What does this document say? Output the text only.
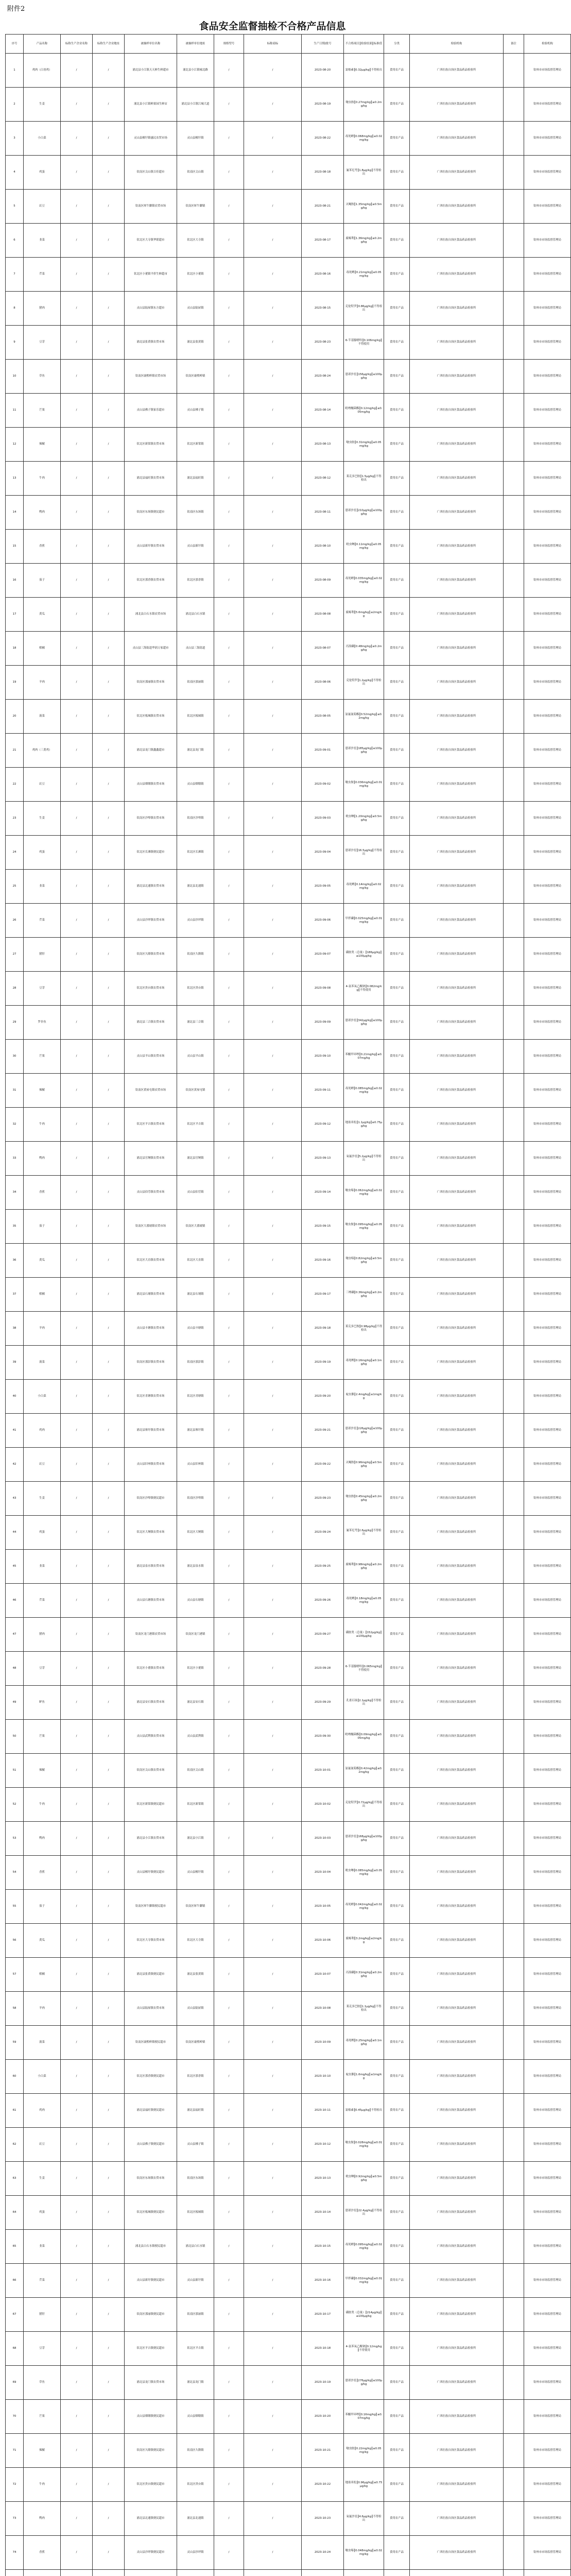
附件2
食品安全监督抽检不合格产品信息
序号	产品名称	标称生产企业名称	标称生产企业地址	被抽样单位名称	被抽样单位地址	规格型号	标称商标	生产日期/批号	不合格项目║检验结果║标准值	分类	检验机构	备注	检验机构
1	鸡肉（白羽鸡）	/	/	浦北县小江镇天天鲜生鲜超市	浦北县小江镇城北路	/	/	2023-08-20	氯霉素║0.32μg/kg║不得检出	食用农产品	广西壮族自治区食品药品检验所		钦州市市场监督管理局
2	生姜	/	/	浦北县小江镇鲜果园生鲜店	浦北县小江镇江城大道	/	/	2023-08-19	噻虫胺║0.27mg/kg║≤0.2mg/kg	食用农产品	广西壮族自治区食品药品检验所		钦州市市场监督管理局
3	小白菜	/	/	灵山县檀圩镇惠民农贸市场	灵山县檀圩镇	/	/	2023-08-22	毒死蜱║0.068mg/kg║≤0.02mg/kg	食用农产品	广西壮族自治区食品药品检验所		钦州市市场监督管理局
4	鸡蛋	/	/	钦南区尖山镇百佳超市	钦南区尖山镇	/	/	2023-08-18	氟苯尼考║1.8μg/kg║不得检出	食用农产品	广西壮族自治区食品药品检验所		钦州市市场监督管理局
5	豇豆	/	/	钦南区犀牛脚镇农贸市场	钦南区犀牛脚镇	/	/	2023-08-21	灭蝇胺║1.35mg/kg║≤0.5mg/kg	食用农产品	广西壮族自治区食品药品检验所		钦州市市场监督管理局
6	韭菜	/	/	钦北区大寺镇华联超市	钦北区大寺镇	/	/	2023-08-17	腐霉利║1.36mg/kg║≤0.2mg/kg	食用农产品	广西壮族自治区食品药品检验所		钦州市市场监督管理局
7	芹菜	/	/	钦北区小董镇平价生鲜超市	钦北区小董镇	/	/	2023-08-16	毒死蜱║0.21mg/kg║≤0.05mg/kg	食用农产品	广西壮族自治区食品药品检验所		钦州市市场监督管理局
8	猪肉	/	/	灵山县陆屋镇东方超市	灵山县陆屋镇	/	/	2023-08-15	克伦特罗║0.86μg/kg║不得检出	食用农产品	广西壮族自治区食品药品检验所		钦州市市场监督管理局
9	豆芽	/	/	浦北县张黄镇农贸市场	浦北县张黄镇	/	/	2023-08-23	6-苄基腺嘌呤║0.106mg/kg║不得使用	食用农产品	广西壮族自治区食品药品检验所		钦州市市场监督管理局
10	草鱼	/	/	钦南区康熙岭镇农贸市场	钦南区康熙岭镇	/	/	2023-08-24	恩诺沙星║156μg/kg║≤100μg/kg	食用农产品	广西壮族自治区食品药品检验所		钦州市市场监督管理局
11	芒果	/	/	灵山县佛子镇家乐超市	灵山县佛子镇	/	/	2023-08-14	吡唑醚菌酯║0.12mg/kg║≤0.05mg/kg	食用农产品	广西壮族自治区食品药品检验所		钦州市市场监督管理局
12	辣椒	/	/	钦北区新棠镇农贸市场	钦北区新棠镇	/	/	2023-08-13	噻虫胺║0.31mg/kg║≤0.05mg/kg	食用农产品	广西壮族自治区食品药品检验所		钦州市市场监督管理局
13	牛肉	/	/	浦北县福旺镇农贸市场	浦北县福旺镇	/	/	2023-08-12	莱克多巴胺║1.5μg/kg║不得检出	食用农产品	广西壮族自治区食品药品检验所		钦州市市场监督管理局
14	鸭肉	/	/	钦南区东场镇便民超市	钦南区东场镇	/	/	2023-08-11	恩诺沙星║210μg/kg║≤100μg/kg	食用农产品	广西壮族自治区食品药品检验所		钦州市市场监督管理局
15	香蕉	/	/	灵山县新圩镇农贸市场	灵山县新圩镇	/	/	2023-08-10	吡虫啉║0.11mg/kg║≤0.05mg/kg	食用农产品	广西壮族自治区食品药品检验所		钦州市市场监督管理局
16	茄子	/	/	钦北区那香镇农贸市场	钦北区那香镇	/	/	2023-08-09	毒死蜱║0.035mg/kg║≤0.02mg/kg	食用农产品	广西壮族自治区食品药品检验所		钦州市市场监督管理局
17	黄瓜	/	/	浦北县白石水镇农贸市场	浦北县白石水镇	/	/	2023-08-08	腐霉利║5.6mg/kg║≤2mg/kg	食用农产品	广西壮族自治区食品药品检验所		钦州市市场监督管理局
18	柑橘	/	/	灵山县三海街道华润万家超市	灵山县三海街道	/	/	2023-08-07	丙溴磷║0.48mg/kg║≤0.2mg/kg	食用农产品	广西壮族自治区食品药品检验所		钦州市市场监督管理局
19	羊肉	/	/	钦南区那丽镇农贸市场	钦南区那丽镇	/	/	2023-08-06	克伦特罗║1.2μg/kg║不得检出	食用农产品	广西壮族自治区食品药品检验所		钦州市市场监督管理局
20	菠菜	/	/	钦北区板城镇农贸市场	钦北区板城镇	/	/	2023-08-05	氯氟氰菊酯║0.52mg/kg║≤0.2mg/kg	食用农产品	广西壮族自治区食品药品检验所		钦州市市场监督管理局
21	鸡肉（三黄鸡）	/	/	浦北县龙门镇鑫鑫超市	浦北县龙门镇	/	/	2023-09-01	恩诺沙星║185μg/kg║≤100μg/kg	食用农产品	广西壮族自治区食品药品检验所		钦州市市场监督管理局
22	豇豆	/	/	灵山县烟墩镇农贸市场	灵山县烟墩镇	/	/	2023-09-02	噻虫胺║0.036mg/kg║≤0.01mg/kg	食用农产品	广西壮族自治区食品药品检验所		钦州市市场监督管理局
23	生姜	/	/	钦南区沙埠镇农贸市场	钦南区沙埠镇	/	/	2023-09-03	吡虫啉║1.20mg/kg║≤0.5mg/kg	食用农产品	广西壮族自治区食品药品检验所		钦州市市场监督管理局
24	鸡蛋	/	/	钦北区长滩镇便民超市	钦北区长滩镇	/	/	2023-09-04	恩诺沙星║16.5μg/kg║不得检出	食用农产品	广西壮族自治区食品药品检验所		钦州市市场监督管理局
25	韭菜	/	/	浦北县北通镇农贸市场	浦北县北通镇	/	/	2023-09-05	毒死蜱║0.14mg/kg║≤0.02mg/kg	食用农产品	广西壮族自治区食品药品检验所		钦州市市场监督管理局
26	芹菜	/	/	灵山县沙坪镇农贸市场	灵山县沙坪镇	/	/	2023-09-06	甲拌磷║0.025mg/kg║≤0.01mg/kg	食用农产品	广西壮族自治区食品药品检验所		钦州市市场监督管理局
27	猪肝	/	/	钦南区久隆镇农贸市场	钦南区久隆镇	/	/	2023-09-07	磺胺类（总量）║186μg/kg║≤100μg/kg	食用农产品	广西壮族自治区食品药品检验所		钦州市市场监督管理局
28	豆芽	/	/	钦北区贵台镇农贸市场	钦北区贵台镇	/	/	2023-09-08	4-氯苯氧乙酸钠║0.082mg/kg║不得使用	食用农产品	广西壮族自治区食品药品检验所		钦州市市场监督管理局
29	罗非鱼	/	/	浦北县三合镇农贸市场	浦北县三合镇	/	/	2023-09-09	恩诺沙星║342μg/kg║≤100μg/kg	食用农产品	广西壮族自治区食品药品检验所		钦州市市场监督管理局
30	芒果	/	/	灵山县平山镇农贸市场	灵山县平山镇	/	/	2023-09-10	苯醚甲环唑║0.21mg/kg║≤0.07mg/kg	食用农产品	广西壮族自治区食品药品检验所		钦州市市场监督管理局
31	辣椒	/	/	钦南区黄屋屯镇农贸市场	钦南区黄屋屯镇	/	/	2023-09-11	毒死蜱║0.085mg/kg║≤0.02mg/kg	食用农产品	广西壮族自治区食品药品检验所		钦州市市场监督管理局
32	牛肉	/	/	钦北区平吉镇农贸市场	钦北区平吉镇	/	/	2023-09-12	地塞米松║1.1μg/kg║≤0.75μg/kg	食用农产品	广西壮族自治区食品药品检验所		钦州市市场监督管理局
33	鸭肉	/	/	浦北县官垌镇农贸市场	浦北县官垌镇	/	/	2023-09-13	氧氟沙星║5.2μg/kg║不得检出	食用农产品	广西壮族自治区食品药品检验所		钦州市市场监督管理局
34	香蕉	/	/	灵山县伯劳镇农贸市场	灵山县伯劳镇	/	/	2023-09-14	噻虫嗪║0.062mg/kg║≤0.02mg/kg	食用农产品	广西壮族自治区食品药品检验所		钦州市市场监督管理局
35	茄子	/	/	钦南区大番坡镇农贸市场	钦南区大番坡镇	/	/	2023-09-15	噻虫胺║0.095mg/kg║≤0.05mg/kg	食用农产品	广西壮族自治区食品药品检验所		钦州市市场监督管理局
36	黄瓜	/	/	钦北区大直镇农贸市场	钦北区大直镇	/	/	2023-09-16	噻虫嗪║0.82mg/kg║≤0.5mg/kg	食用农产品	广西壮族自治区食品药品检验所		钦州市市场监督管理局
37	柑橘	/	/	浦北县石埇镇农贸市场	浦北县石埇镇	/	/	2023-09-17	三唑磷║0.36mg/kg║≤0.2mg/kg	食用农产品	广西壮族自治区食品药品检验所		钦州市市场监督管理局
38	羊肉	/	/	灵山县丰塘镇农贸市场	灵山县丰塘镇	/	/	2023-09-18	莱克多巴胺║0.98μg/kg║不得检出	食用农产品	广西壮族自治区食品药品检验所		钦州市市场监督管理局
39	菠菜	/	/	钦南区那彭镇农贸市场	钦南区那彭镇	/	/	2023-09-19	毒死蜱║0.16mg/kg║≤0.1mg/kg	食用农产品	广西壮族自治区食品药品检验所		钦州市市场监督管理局
40	小白菜	/	/	钦北区青塘镇农贸市场	钦北区青塘镇	/	/	2023-09-20	啶虫脒║2.4mg/kg║≤1mg/kg	食用农产品	广西壮族自治区食品药品检验所		钦州市市场监督管理局
41	鸡肉	/	/	浦北县寨圩镇农贸市场	浦北县寨圩镇	/	/	2023-09-21	恩诺沙星║226μg/kg║≤100μg/kg	食用农产品	广西壮族自治区食品药品检验所		钦州市市场监督管理局
42	豇豆	/	/	灵山县旧州镇农贸市场	灵山县旧州镇	/	/	2023-09-22	灭蝇胺║0.96mg/kg║≤0.5mg/kg	食用农产品	广西壮族自治区食品药品检验所		钦州市市场监督管理局
43	生姜	/	/	钦南区沙埠镇便民超市	钦南区沙埠镇	/	/	2023-09-23	噻虫胺║0.45mg/kg║≤0.2mg/kg	食用农产品	广西壮族自治区食品药品检验所		钦州市市场监督管理局
44	鸡蛋	/	/	钦北区大垌镇农贸市场	钦北区大垌镇	/	/	2023-09-24	氟苯尼考║2.6μg/kg║不得检出	食用农产品	广西壮族自治区食品药品检验所		钦州市市场监督管理局
45	韭菜	/	/	浦北县泉水镇农贸市场	浦北县泉水镇	/	/	2023-09-25	腐霉利║0.98mg/kg║≤0.2mg/kg	食用农产品	广西壮族自治区食品药品检验所		钦州市市场监督管理局
46	芹菜	/	/	灵山县石塘镇农贸市场	灵山县石塘镇	/	/	2023-09-26	毒死蜱║0.18mg/kg║≤0.05mg/kg	食用农产品	广西壮族自治区食品药品检验所		钦州市市场监督管理局
47	猪肉	/	/	钦南区龙门港镇农贸市场	钦南区龙门港镇	/	/	2023-09-27	磺胺类（总量）║152μg/kg║≤100μg/kg	食用农产品	广西壮族自治区食品药品检验所		钦州市市场监督管理局
48	豆芽	/	/	钦北区小董镇农贸市场	钦北区小董镇	/	/	2023-09-28	6-苄基腺嘌呤║0.065mg/kg║不得使用	食用农产品	广西壮族自治区食品药品检验所		钦州市市场监督管理局
49	鲈鱼	/	/	浦北县安石镇农贸市场	浦北县安石镇	/	/	2023-09-29	孔雀石绿║2.1μg/kg║不得检出	食用农产品	广西壮族自治区食品药品检验所		钦州市市场监督管理局
50	芒果	/	/	灵山县武利镇农贸市场	灵山县武利镇	/	/	2023-09-30	吡唑醚菌酯║0.09mg/kg║≤0.05mg/kg	食用农产品	广西壮族自治区食品药品检验所		钦州市市场监督管理局
51	辣椒	/	/	钦南区尖山镇农贸市场	钦南区尖山镇	/	/	2023-10-01	氯氟氰菊酯║0.42mg/kg║≤0.2mg/kg	食用农产品	广西壮族自治区食品药品检验所		钦州市市场监督管理局
52	牛肉	/	/	钦北区新棠镇便民超市	钦北区新棠镇	/	/	2023-10-02	克伦特罗║0.72μg/kg║不得检出	食用农产品	广西壮族自治区食品药品检验所		钦州市市场监督管理局
53	鸭肉	/	/	浦北县小江镇农贸市场	浦北县小江镇	/	/	2023-10-03	恩诺沙星║168μg/kg║≤100μg/kg	食用农产品	广西壮族自治区食品药品检验所		钦州市市场监督管理局
54	香蕉	/	/	灵山县檀圩镇便民超市	灵山县檀圩镇	/	/	2023-10-04	吡虫啉║0.085mg/kg║≤0.05mg/kg	食用农产品	广西壮族自治区食品药品检验所		钦州市市场监督管理局
55	茄子	/	/	钦南区犀牛脚镇便民超市	钦南区犀牛脚镇	/	/	2023-10-05	毒死蜱║0.042mg/kg║≤0.02mg/kg	食用农产品	广西壮族自治区食品药品检验所		钦州市市场监督管理局
56	黄瓜	/	/	钦北区大寺镇农贸市场	钦北区大寺镇	/	/	2023-10-06	腐霉利║3.2mg/kg║≤2mg/kg	食用农产品	广西壮族自治区食品药品检验所		钦州市市场监督管理局
57	柑橘	/	/	浦北县张黄镇便民超市	浦北县张黄镇	/	/	2023-10-07	丙溴磷║0.31mg/kg║≤0.2mg/kg	食用农产品	广西壮族自治区食品药品检验所		钦州市市场监督管理局
58	羊肉	/	/	灵山县陆屋镇农贸市场	灵山县陆屋镇	/	/	2023-10-08	莱克多巴胺║1.1μg/kg║不得检出	食用农产品	广西壮族自治区食品药品检验所		钦州市市场监督管理局
59	菠菜	/	/	钦南区康熙岭镇便民超市	钦南区康熙岭镇	/	/	2023-10-09	毒死蜱║0.25mg/kg║≤0.1mg/kg	食用农产品	广西壮族自治区食品药品检验所		钦州市市场监督管理局
60	小白菜	/	/	钦北区那香镇便民超市	钦北区那香镇	/	/	2023-10-10	啶虫脒║1.6mg/kg║≤1mg/kg	食用农产品	广西壮族自治区食品药品检验所		钦州市市场监督管理局
61	鸡肉	/	/	浦北县福旺镇便民超市	浦北县福旺镇	/	/	2023-10-11	氯霉素║0.45μg/kg║不得检出	食用农产品	广西壮族自治区食品药品检验所		钦州市市场监督管理局
62	豇豆	/	/	灵山县佛子镇便民超市	灵山县佛子镇	/	/	2023-10-12	噻虫胺║0.028mg/kg║≤0.01mg/kg	食用农产品	广西壮族自治区食品药品检验所		钦州市市场监督管理局
63	生姜	/	/	钦南区东场镇农贸市场	钦南区东场镇	/	/	2023-10-13	吡虫啉║0.92mg/kg║≤0.5mg/kg	食用农产品	广西壮族自治区食品药品检验所		钦州市市场监督管理局
64	鸡蛋	/	/	钦北区板城镇便民超市	钦北区板城镇	/	/	2023-10-14	恩诺沙星║22.4μg/kg║不得检出	食用农产品	广西壮族自治区食品药品检验所		钦州市市场监督管理局
65	韭菜	/	/	浦北县白石水镇便民超市	浦北县白石水镇	/	/	2023-10-15	毒死蜱║0.095mg/kg║≤0.02mg/kg	食用农产品	广西壮族自治区食品药品检验所		钦州市市场监督管理局
66	芹菜	/	/	灵山县新圩镇便民超市	灵山县新圩镇	/	/	2023-10-16	甲拌磷║0.032mg/kg║≤0.01mg/kg	食用农产品	广西壮族自治区食品药品检验所		钦州市市场监督管理局
67	猪肝	/	/	钦南区那丽镇便民超市	钦南区那丽镇	/	/	2023-10-17	磺胺类（总量）║214μg/kg║≤100μg/kg	食用农产品	广西壮族自治区食品药品检验所		钦州市市场监督管理局
68	豆芽	/	/	钦北区平吉镇便民超市	钦北区平吉镇	/	/	2023-10-18	4-氯苯氧乙酸钠║0.12mg/kg║不得使用	食用农产品	广西壮族自治区食品药品检验所		钦州市市场监督管理局
69	草鱼	/	/	浦北县龙门镇农贸市场	浦北县龙门镇	/	/	2023-10-19	恩诺沙星║276μg/kg║≤100μg/kg	食用农产品	广西壮族自治区食品药品检验所		钦州市市场监督管理局
70	芒果	/	/	灵山县烟墩镇便民超市	灵山县烟墩镇	/	/	2023-10-20	苯醚甲环唑║0.16mg/kg║≤0.07mg/kg	食用农产品	广西壮族自治区食品药品检验所		钦州市市场监督管理局
71	辣椒	/	/	钦南区久隆镇便民超市	钦南区久隆镇	/	/	2023-10-21	噻虫胺║0.22mg/kg║≤0.05mg/kg	食用农产品	广西壮族自治区食品药品检验所		钦州市市场监督管理局
72	牛肉	/	/	钦北区贵台镇便民超市	钦北区贵台镇	/	/	2023-10-22	地塞米松║0.96μg/kg║≤0.75μg/kg	食用农产品	广西壮族自治区食品药品检验所		钦州市市场监督管理局
73	鸭肉	/	/	浦北县北通镇便民超市	浦北县北通镇	/	/	2023-10-23	氧氟沙星║4.6μg/kg║不得检出	食用农产品	广西壮族自治区食品药品检验所		钦州市市场监督管理局
74	香蕉	/	/	灵山县沙坪镇便民超市	灵山县沙坪镇	/	/	2023-10-24	噻虫嗪║0.048mg/kg║≤0.02mg/kg	食用农产品	广西壮族自治区食品药品检验所		钦州市市场监督管理局
